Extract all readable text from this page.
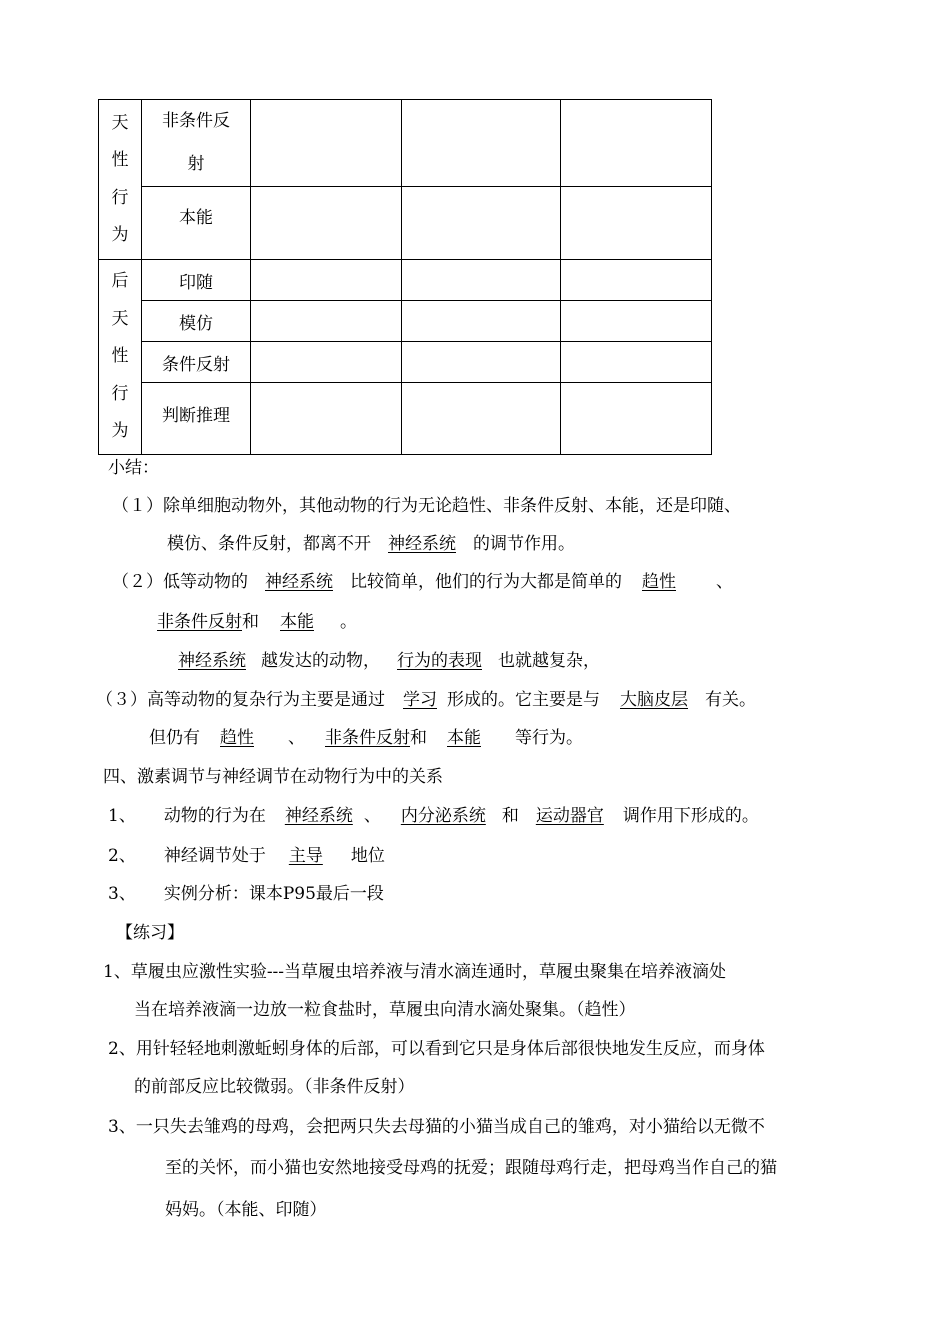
天
性
行
为	非条件反
射			

	本能			

后
天
性
行
为	印随			
	模仿			
	条件反射			
	判断推理			
小结：
（１）除单细胞动物外，其他动物的行为无论趋性、非条件反射、本能，还是印随、
模仿、条件反射，都离不开 神经系统 的调节作用。
（２）低等动物的 神经系统 比较简单，他们的行为大都是简单的 趋性 、
非条件反射和 本能 。
神经系统 越发达的动物， 行为的表现 也就越复杂，
（３）高等动物的复杂行为主要是通过 学习 形成的。它主要是与 大脑皮层 有关。
但仍有 趋性 、 非条件反射和 本能 等行为。
四、激素调节与神经调节在动物行为中的关系
1、 动物的行为在 神经系统 、 内分泌系统 和 运动器官 调作用下形成的。
2、 神经调节处于 主导 地位
3、 实例分析：课本P95最后一段
【练习】
1、草履虫应激性实验---当草履虫培养液与清水滴连通时，草履虫聚集在培养液滴处
当在培养液滴一边放一粒食盐时，草履虫向清水滴处聚集。（趋性）
2、用针轻轻地刺激蚯蚓身体的后部，可以看到它只是身体后部很快地发生反应，而身体
的前部反应比较微弱。（非条件反射）
3、一只失去雏鸡的母鸡，会把两只失去母猫的小猫当成自己的雏鸡，对小猫给以无微不
至的关怀，而小猫也安然地接受母鸡的抚爱；跟随母鸡行走，把母鸡当作自己的猫
妈妈。（本能、印随）
